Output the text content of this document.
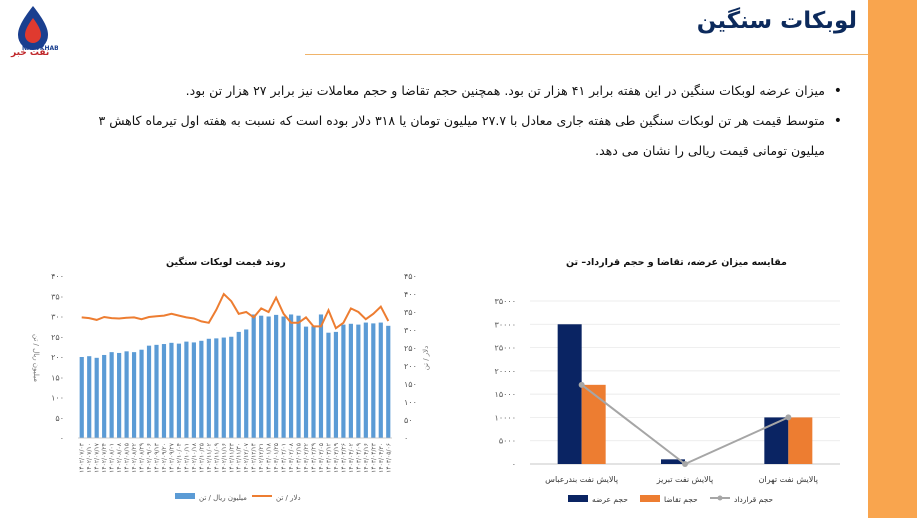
NAFTKHAB
نفت خبر
لوبکات سنگین
• میزان عرضه لوبکات سنگین در این هفته برابر ۴۱ هزار تن بود. همچنین حجم تقاضا و حجم معاملات نیز برابر ۲۷ هزار تن بود.
• متوسط قیمت هر تن لوبکات سنگین طی هفته جاری معادل با ۲۷.۷ میلیون تومان یا ۳۱۸ دلار بوده است که نسبت به هفته اول تیرماه کاهش ۳ میلیون تومانی قیمت ریالی را نشان می دهد.
روند قیمت لوبکات سنگین	مقایسه میزان عرضه، تقاضا و حجم قرارداد– تن
۴۰۰
۳۵۰
۳۰۰
۲۵۰
۲۰۰
۱۵۰
۱۰۰
۵۰
۰
۴۵۰
۴۰۰
۳۵۰
۳۰۰
۲۵۰
۲۰۰
۱۵۰
۱۰۰
۵۰
۰
میلیون ریال / تن	دلار / تن
۱۴۰۲/۰۷/۰۳ ۱۴۰۲/۰۷/۱۰ ۱۴۰۲/۰۷/۱۷ ۱۴۰۲/۰۷/۲۴ ۱۴۰۲/۰۸/۰۱ ۱۴۰۲/۰۸/۰۸ ۱۴۰۲/۰۸/۱۵ ۱۴۰۲/۰۸/۲۲ ۱۴۰۲/۰۸/۲۹ ۱۴۰۲/۰۹/۰۶ ۱۴۰۲/۰۹/۱۳ ۱۴۰۲/۰۹/۲۰ ۱۴۰۲/۰۹/۲۷ ۱۴۰۲/۱۰/۰۴ ۱۴۰۲/۱۰/۱۱ ۱۴۰۲/۱۰/۱۸ ۱۴۰۲/۱۰/۲۵ ۱۴۰۲/۱۱/۰۲ ۱۴۰۲/۱۱/۰۹ ۱۴۰۲/۱۱/۱۶ ۱۴۰۲/۱۱/۲۳ ۱۴۰۲/۱۱/۳۰ ۱۴۰۲/۱۲/۰۷ ۱۴۰۲/۱۲/۱۴ ۱۴۰۲/۱۲/۲۱ ۱۴۰۳/۰۱/۱۸ ۱۴۰۳/۰۱/۲۵ ۱۴۰۳/۰۲/۰۱ ۱۴۰۳/۰۲/۰۸ ۱۴۰۳/۰۲/۱۵ ۱۴۰۳/۰۲/۲۲ ۱۴۰۳/۰۲/۲۹ ۱۴۰۳/۰۳/۰۵ ۱۴۰۳/۰۳/۱۲ ۱۴۰۳/۰۳/۱۹ ۱۴۰۳/۰۳/۲۶ ۱۴۰۳/۰۴/۰۲ ۱۴۰۳/۰۴/۰۹ ۱۴۰۳/۰۴/۱۶ ۱۴۰۳/۰۴/۲۳ ۱۴۰۳/۰۴/۳۰ ۱۴۰۳/۰۵/۰۶
میلیون ریال / تن	دلار / تن
۳۵۰۰۰
۳۰۰۰۰
۲۵۰۰۰
۲۰۰۰۰
۱۵۰۰۰
۱۰۰۰۰
۵۰۰۰
۰
پالایش نفت بندرعباس	پالایش نفت تبریز	پالایش نفت تهران
حجم عرضه	حجم تقاضا	حجم قرارداد
